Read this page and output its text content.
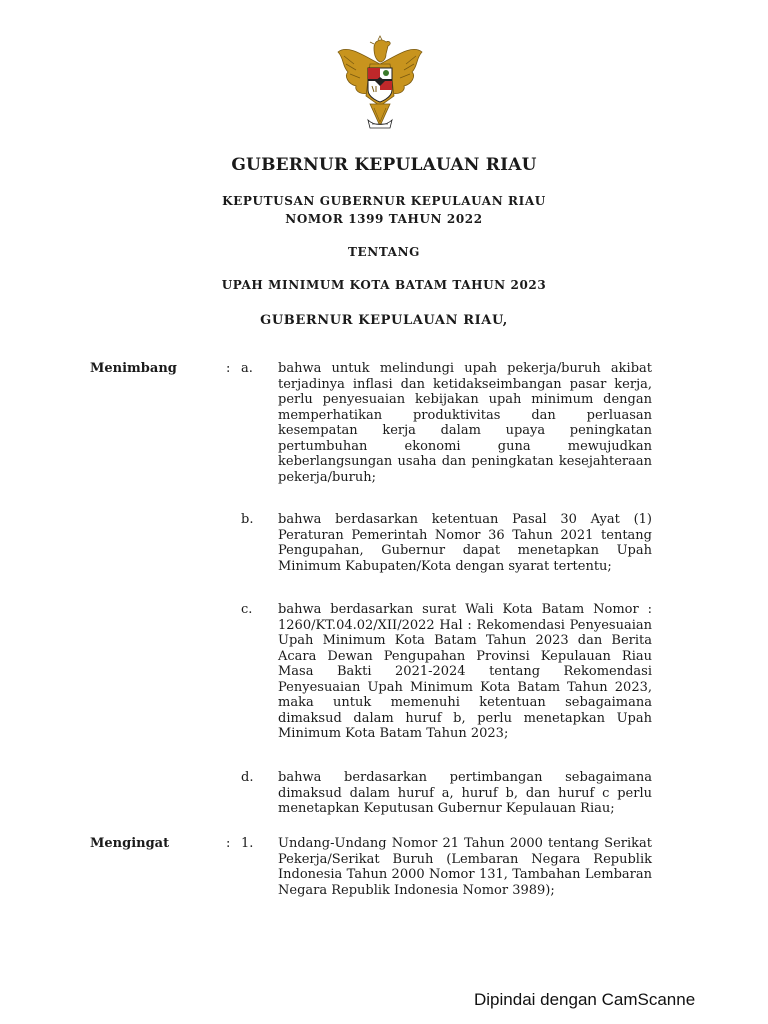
GUBERNUR KEPULAUAN RIAU
KEPUTUSAN GUBERNUR KEPULAUAN RIAU
NOMOR 1399 TAHUN 2022
TENTANG
UPAH MINIMUM KOTA BATAM TAHUN 2023
GUBERNUR KEPULAUAN RIAU,
Menimbang	: a. bahwa untuk melindungi upah pekerja/buruh akibat terjadinya inflasi dan ketidakseimbangan pasar kerja, perlu penyesuaian kebijakan upah minimum dengan memperhatikan produktivitas dan perluasan kesempatan kerja dalam upaya peningkatan pertumbuhan ekonomi guna mewujudkan keberlangsungan usaha dan peningkatan kesejahteraan pekerja/buruh;
b. bahwa berdasarkan ketentuan Pasal 30 Ayat (1) Peraturan Pemerintah Nomor 36 Tahun 2021 tentang Pengupahan, Gubernur dapat menetapkan Upah Minimum Kabupaten/Kota dengan syarat tertentu;
c. bahwa berdasarkan surat Wali Kota Batam Nomor : 1260/KT.04.02/XII/2022 Hal : Rekomendasi Penyesuaian Upah Minimum Kota Batam Tahun 2023 dan Berita Acara Dewan Pengupahan Provinsi Kepulauan Riau Masa Bakti 2021-2024 tentang Rekomendasi Penyesuaian Upah Minimum Kota Batam Tahun 2023, maka untuk memenuhi ketentuan sebagaimana dimaksud dalam huruf b, perlu menetapkan Upah Minimum Kota Batam Tahun 2023;
d. bahwa berdasarkan pertimbangan sebagaimana dimaksud dalam huruf a, huruf b, dan huruf c perlu menetapkan Keputusan Gubernur Kepulauan Riau;
Mengingat	: 1. Undang-Undang Nomor 21 Tahun 2000 tentang Serikat Pekerja/Serikat Buruh (Lembaran Negara Republik Indonesia Tahun 2000 Nomor 131, Tambahan Lembaran Negara Republik Indonesia Nomor 3989);
Dipindai dengan CamScanne
